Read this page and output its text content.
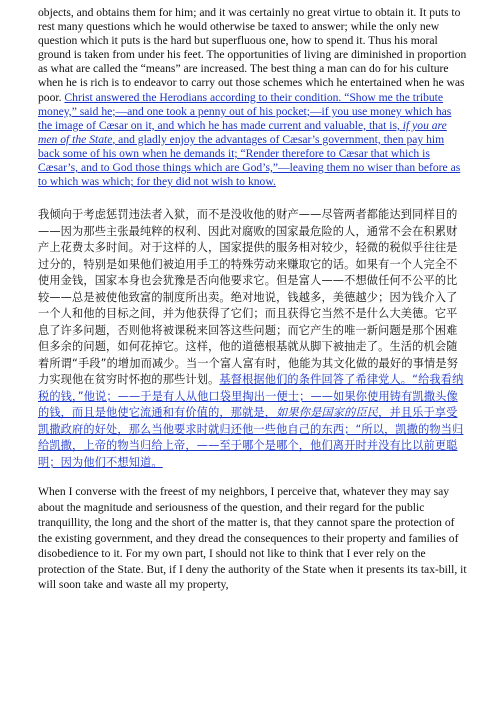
objects, and obtains them for him; and it was certainly no great virtue to obtain it. It puts to rest many questions which he would otherwise be taxed to answer; while the only new question which it puts is the hard but superfluous one, how to spend it. Thus his moral ground is taken from under his feet. The opportunities of living are diminished in proportion as what are called the “means” are increased. The best thing a man can do for his culture when he is rich is to endeavor to carry out those schemes which he entertained when he was poor. Christ answered the Herodians according to their condition. “Show me the tribute money,” said he;—and one took a penny out of his pocket;—if you use money which has the image of Cæsar on it, and which he has made current and valuable, that is, if you are men of the State, and gladly enjoy the advantages of Cæsar’s government, then pay him back some of his own when he demands it; “Render therefore to Cæsar that which is Cæsar’s, and to God those things which are God’s,”—leaving them no wiser than before as to which was which; for they did not wish to know.

我倾向于考虑惩罚违法者入狱，而不是没收他的财产——尽管两者都能达到同样目的——因为那些主张最纯粹的权利、因此对腐败的国家最危险的人，通常不会在积累财产上花费太多时间。对于这样的人，国家提供的服务相对较少，轻微的税似乎往往是过分的，特别是如果他们被迫用手工的特殊劳动来赚取它的话。如果有一个人完全不使用金钱，国家本身也会犹豫是否向他要求它。但是富人——不想做任何不公平的比较——总是被使他致富的制度所出卖。绝对地说，钱越多，美德越少；因为钱介入了一个人和他的目标之间，并为他获得了它们；而且获得它当然不是什么大美德。它平息了许多问题，否则他将被课税来回答这些问题；而它产生的唯一新问题是那个困难但多余的问题，如何花掉它。这样，他的道德根基就从脚下被抽走了。生活的机会随着所谓“手段”的增加而减少。当一个富人富有时，他能为其文化做的最好的事情是努力实现他在贫穷时怀抱的那些计划。基督根据他们的条件回答了希律党人。“给我看纳税的钱，”他说；——于是有人从他口袋里掏出一便士；——如果你使用铸有凯撒头像的钱，而且是他使它流通和有价值的，那就是，如果你是国家的臣民，并且乐于享受凯撒政府的好处，那么当他要求时就归还他一些他自己的东西；“所以，凯撒的物当归给凯撒，上帝的物当归给上帝，——至于哪个是哪个，他们离开时并没有比以前更聪明；因为他们不想知道。

When I converse with the freest of my neighbors, I perceive that, whatever they may say about the magnitude and seriousness of the question, and their regard for the public tranquillity, the long and the short of the matter is, that they cannot spare the protection of the existing government, and they dread the consequences to their property and families of disobedience to it. For my own part, I should not like to think that I ever rely on the protection of the State. But, if I deny the authority of the State when it presents its tax-bill, it will soon take and waste all my property,
